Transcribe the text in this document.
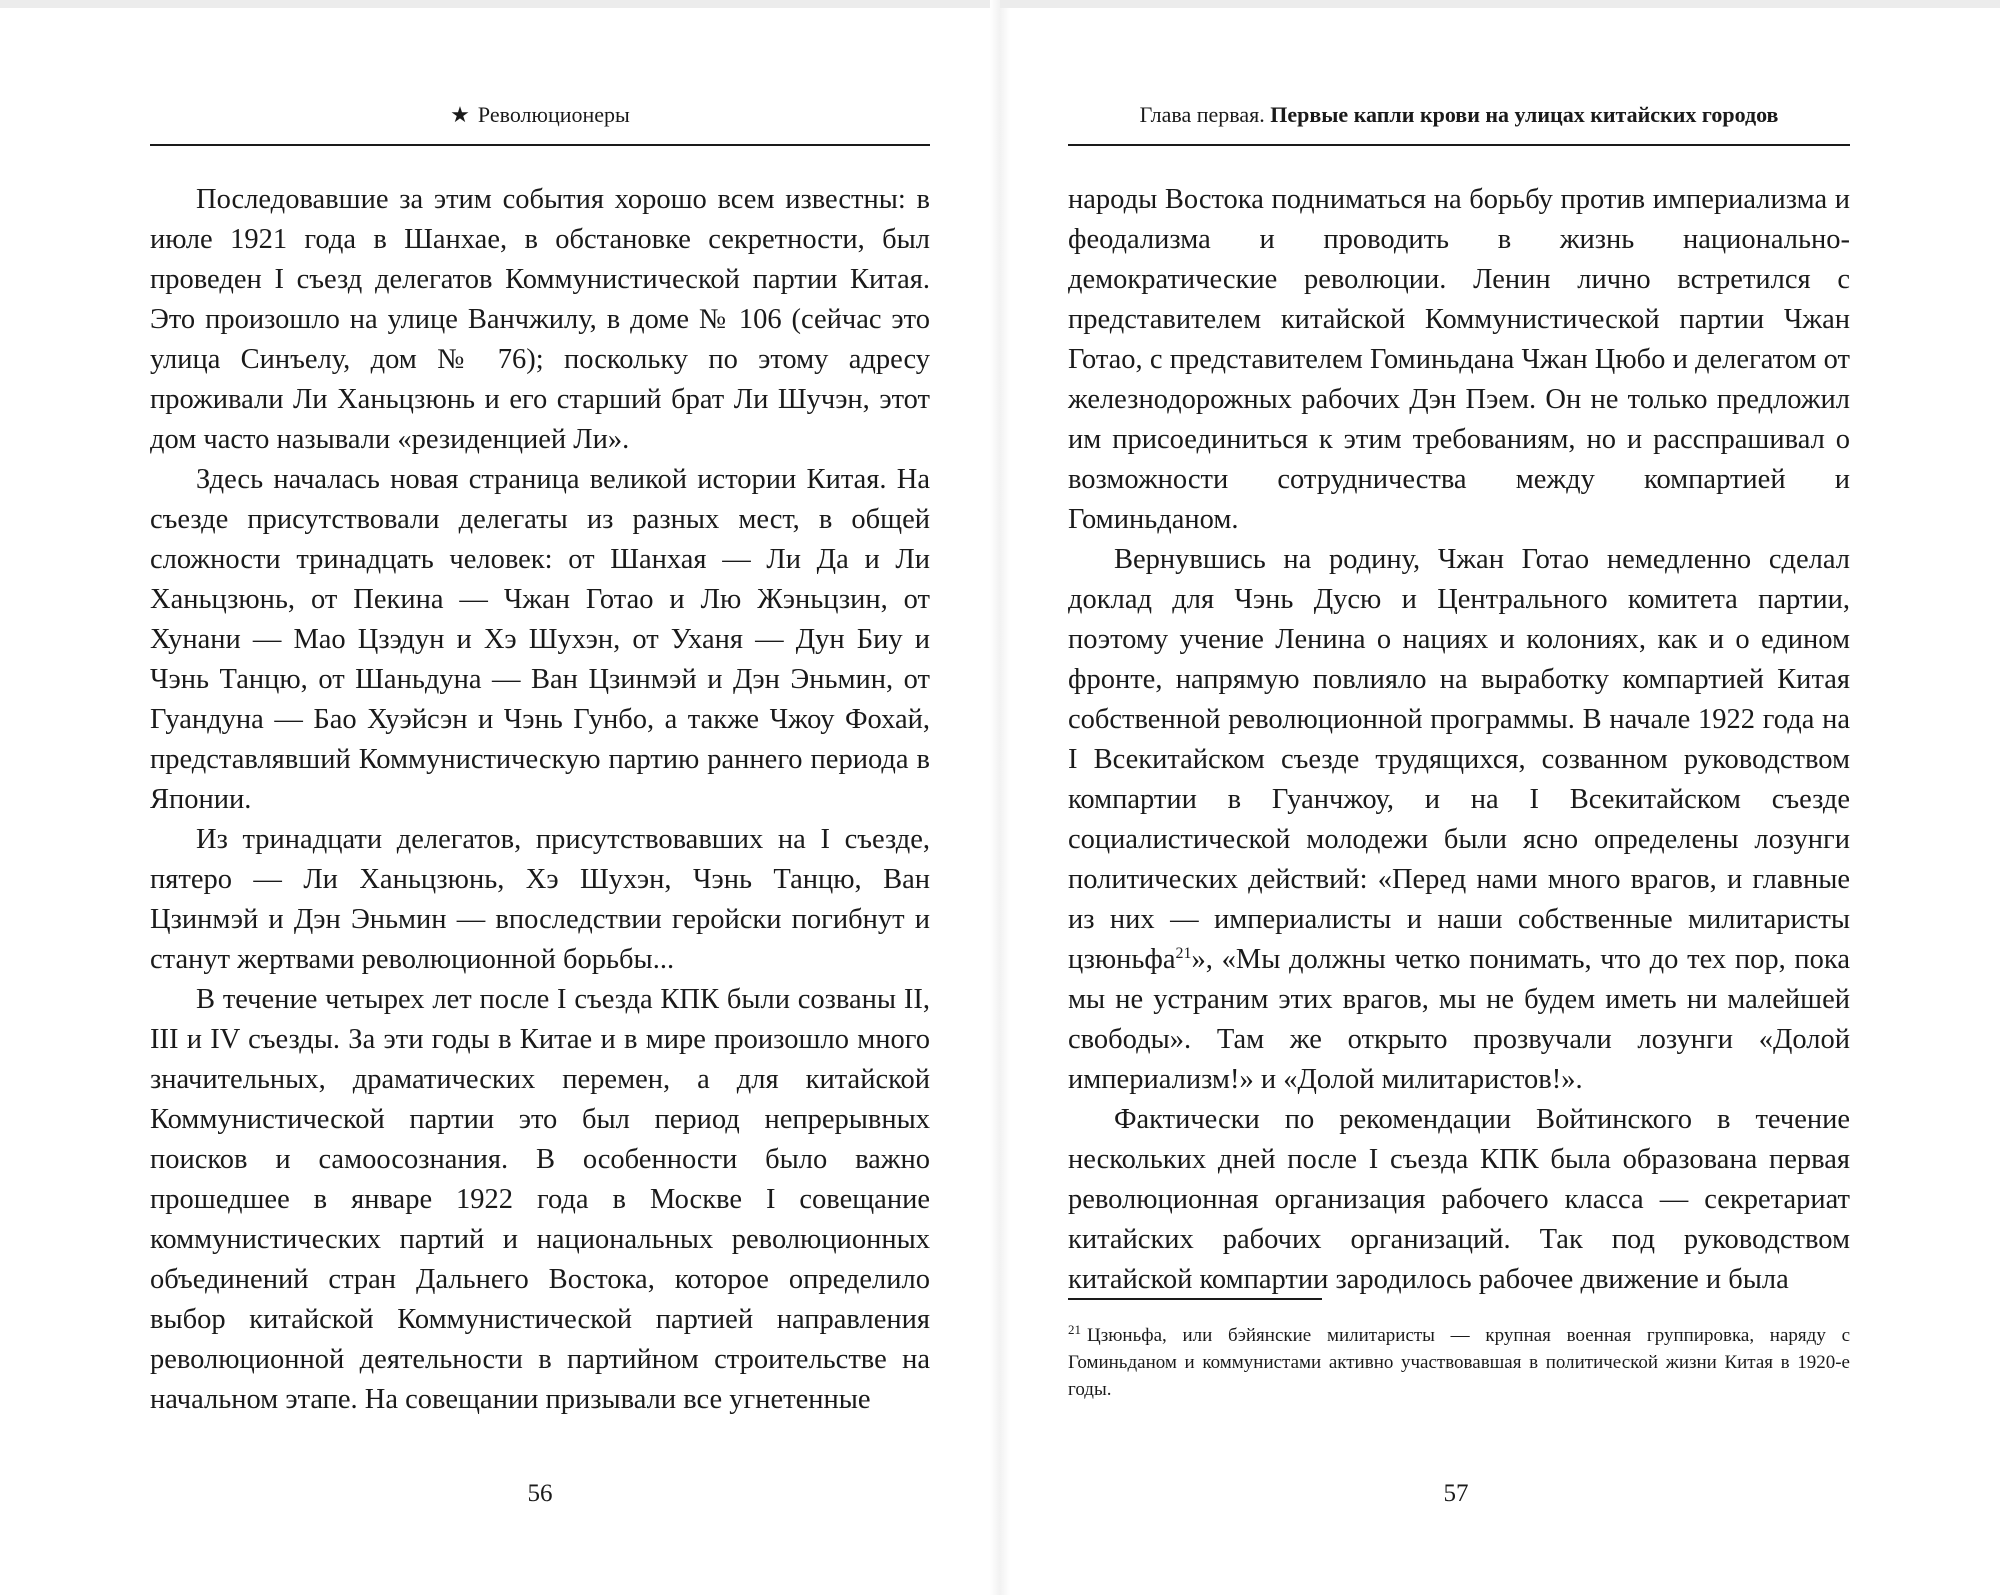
★ Революционеры

Последовавшие за этим события хорошо всем известны: в июле 1921 года в Шанхае, в обстановке секретности, был проведен I съезд делегатов Коммунистической партии Китая. Это произошло на улице Ванчжилу, в доме № 106 (сейчас это улица Синъелу, дом № 76); поскольку по этому адресу проживали Ли Ханьцзюнь и его старший брат Ли Шучэн, этот дом часто называли «резиденцией Ли».

Здесь началась новая страница великой истории Китая. На съезде присутствовали делегаты из разных мест, в общей сложности тринадцать человек: от Шанхая — Ли Да и Ли Ханьцзюнь, от Пекина — Чжан Готао и Лю Жэньцзин, от Хунани — Мао Цзэдун и Хэ Шухэн, от Уханя — Дун Биу и Чэнь Танцю, от Шаньдуна — Ван Цзинмэй и Дэн Эньмин, от Гуандуна — Бао Хуэйсэн и Чэнь Гунбо, а также Чжоу Фохай, представлявший Коммунистическую партию раннего периода в Японии.

Из тринадцати делегатов, присутствовавших на I съезде, пятеро — Ли Ханьцзюнь, Хэ Шухэн, Чэнь Танцю, Ван Цзинмэй и Дэн Эньмин — впоследствии геройски погибнут и станут жертвами революционной борьбы...

В течение четырех лет после I съезда КПК были созваны II, III и IV съезды. За эти годы в Китае и в мире произошло много значительных, драматических перемен, а для китайской Коммунистической партии это был период непрерывных поисков и самоосознания. В особенности было важно прошедшее в январе 1922 года в Москве I совещание коммунистических партий и национальных революционных объединений стран Дальнего Востока, которое определило выбор китайской Коммунистической партией направления революционной деятельности в партийном строительстве на начальном этапе. На совещании призывали все угнетенные

56
Глава первая. Первые капли крови на улицах китайских городов

народы Востока подниматься на борьбу против империализма и феодализма и проводить в жизнь национально-демократические революции. Ленин лично встретился с представителем китайской Коммунистической партии Чжан Готао, с представителем Гоминьдана Чжан Цюбо и делегатом от железнодорожных рабочих Дэн Пэем. Он не только предложил им присоединиться к этим требованиям, но и расспрашивал о возможности сотрудничества между компартией и Гоминьданом.

Вернувшись на родину, Чжан Готао немедленно сделал доклад для Чэнь Дусю и Центрального комитета партии, поэтому учение Ленина о нациях и колониях, как и о едином фронте, напрямую повлияло на выработку компартией Китая собственной революционной программы. В начале 1922 года на I Всекитайском съезде трудящихся, созванном руководством компартии в Гуанчжоу, и на I Всекитайском съезде социалистической молодежи были ясно определены лозунги политических действий: «Перед нами много врагов, и главные из них — империалисты и наши собственные милитаристы цзюньфа$^{21}$», «Мы должны четко понимать, что до тех пор, пока мы не устраним этих врагов, мы не будем иметь ни малейшей свободы». Там же открыто прозвучали лозунги «Долой империализм!» и «Долой милитаристов!».

Фактически по рекомендации Войтинского в течение нескольких дней после I съезда КПК была образована первая революционная организация рабочего класса — секретариат китайских рабочих организаций. Так под руководством китайской компартии зародилось рабочее движение и была

$^{21}$ Цзюньфа, или бэйянские милитаристы — крупная военная группировка, наряду с Гоминьданом и коммунистами активно участвовавшая в политической жизни Китая в 1920-е годы.
57
